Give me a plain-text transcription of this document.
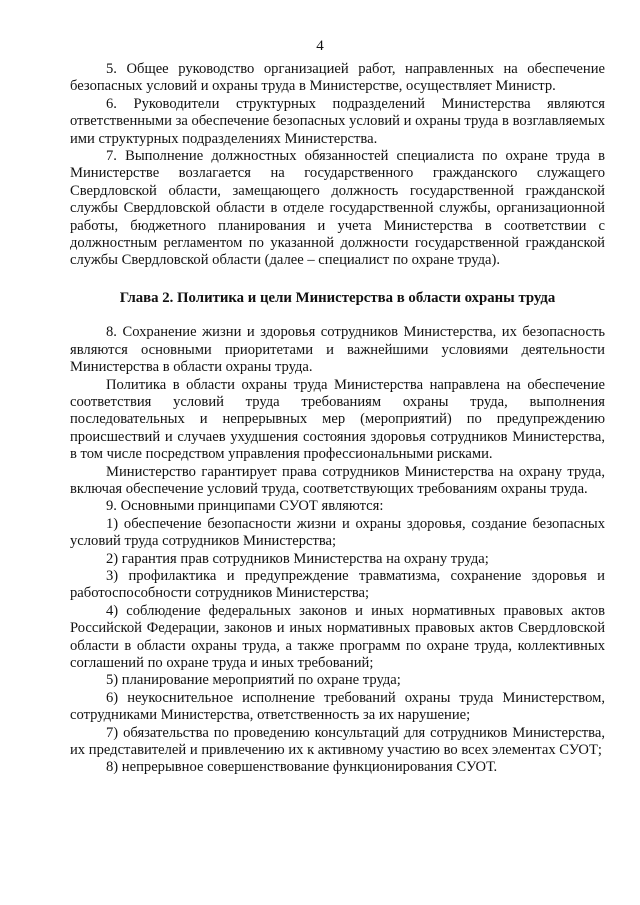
4

5. Общее руководство организацией работ, направленных на обеспечение безопасных условий и охраны труда в Министерстве, осуществляет Министр.

6. Руководители структурных подразделений Министерства являются ответственными за обеспечение безопасных условий и охраны труда в возглавляемых ими структурных подразделениях Министерства.

7. Выполнение должностных обязанностей специалиста по охране труда в Министерстве возлагается на государственного гражданского служащего Свердловской области, замещающего должность государственной гражданской службы Свердловской области в отделе государственной службы, организационной работы, бюджетного планирования и учета Министерства в соответствии с должностным регламентом по указанной должности государственной гражданской службы Свердловской области (далее – специалист по охране труда).

Глава 2. Политика и цели Министерства в области охраны труда

8. Сохранение жизни и здоровья сотрудников Министерства, их безопасность являются основными приоритетами и важнейшими условиями деятельности Министерства в области охраны труда.

Политика в области охраны труда Министерства направлена на обеспечение соответствия условий труда требованиям охраны труда, выполнения последовательных и непрерывных мер (мероприятий) по предупреждению происшествий и случаев ухудшения состояния здоровья сотрудников Министерства, в том числе посредством управления профессиональными рисками.

Министерство гарантирует права сотрудников Министерства на охрану труда, включая обеспечение условий труда, соответствующих требованиям охраны труда.

9. Основными принципами СУОТ являются:

1) обеспечение безопасности жизни и охраны здоровья, создание безопасных условий труда сотрудников Министерства;

2) гарантия прав сотрудников Министерства на охрану труда;

3) профилактика и предупреждение травматизма, сохранение здоровья и работоспособности сотрудников Министерства;

4) соблюдение федеральных законов и иных нормативных правовых актов Российской Федерации, законов и иных нормативных правовых актов Свердловской области в области охраны труда, а также программ по охране труда, коллективных соглашений по охране труда и иных требований;

5) планирование мероприятий по охране труда;

6) неукоснительное исполнение требований охраны труда Министерством, сотрудниками Министерства, ответственность за их нарушение;

7) обязательства по проведению консультаций для сотрудников Министерства, их представителей и привлечению их к активному участию во всех элементах СУОТ;

8) непрерывное совершенствование функционирования СУОТ.
